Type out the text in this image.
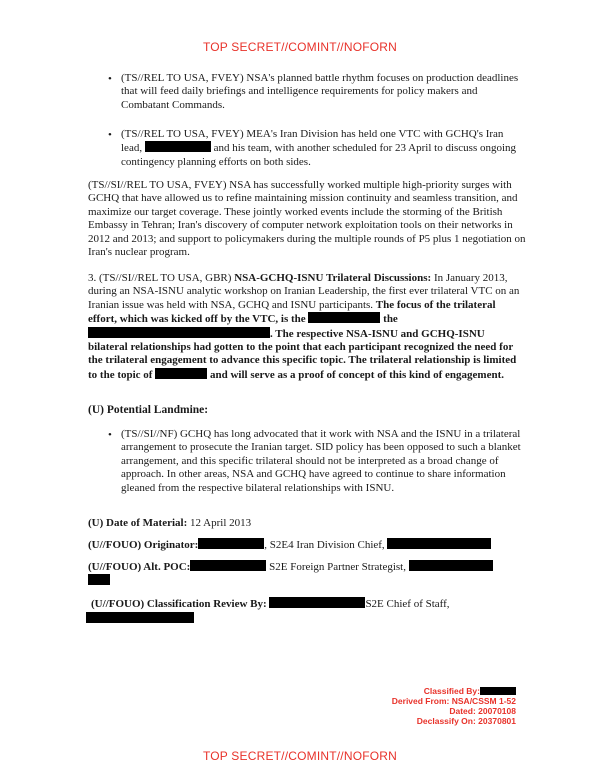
TOP SECRET//COMINT//NOFORN
• (TS//REL TO USA, FVEY) NSA's planned battle rhythm focuses on production deadlines that will feed daily briefings and intelligence requirements for policy makers and Combatant Commands.
• (TS//REL TO USA, FVEY) MEA's Iran Division has held one VTC with GCHQ's Iran lead,	and his team, with another scheduled for 23 April to discuss ongoing contingency planning efforts on both sides.
(TS//SI//REL TO USA, FVEY) NSA has successfully worked multiple high-priority surges with GCHQ that have allowed us to refine maintaining mission continuity and seamless transition, and maximize our target coverage. These jointly worked events include the storming of the British Embassy in Tehran; Iran's discovery of computer network exploitation tools on their networks in 2012 and 2013; and support to policymakers during the multiple rounds of P5 plus 1 negotiation on Iran's nuclear program.
3. (TS//SI//REL TO USA, GBR) NSA-GCHQ-ISNU Trilateral Discussions: In January 2013, during an NSA-ISNU analytic workshop on Iranian Leadership, the first ever trilateral VTC on an Iranian issue was held with NSA, GCHQ and ISNU participants. The focus of the trilateral effort, which was kicked off by the VTC, is the	the . The respective NSA-ISNU and GCHQ-ISNU bilateral relationships had gotten to the point that each participant recognized the need for the trilateral engagement to advance this specific topic. The trilateral relationship is limited to the topic of	and will serve as a proof of concept of this kind of engagement.
(U) Potential Landmine:
• (TS//SI//NF) GCHQ has long advocated that it work with NSA and the ISNU in a trilateral arrangement to prosecute the Iranian target. SID policy has been opposed to such a blanket arrangement, and this specific trilateral should not be interpreted as a broad change of approach. In other areas, NSA and GCHQ have agreed to continue to share information gleaned from the respective bilateral relationships with ISNU.
(U) Date of Material: 12 April 2013
(U//FOUO) Originator:	, S2E4 Iran Division Chief,
(U//FOUO) Alt. POC:	S2E Foreign Partner Strategist,
(U//FOUO) Classification Review By:	S2E Chief of Staff,
Classified By:
Derived From: NSA/CSSM 1-52
Dated: 20070108
Declassify On: 20370801
TOP SECRET//COMINT//NOFORN
